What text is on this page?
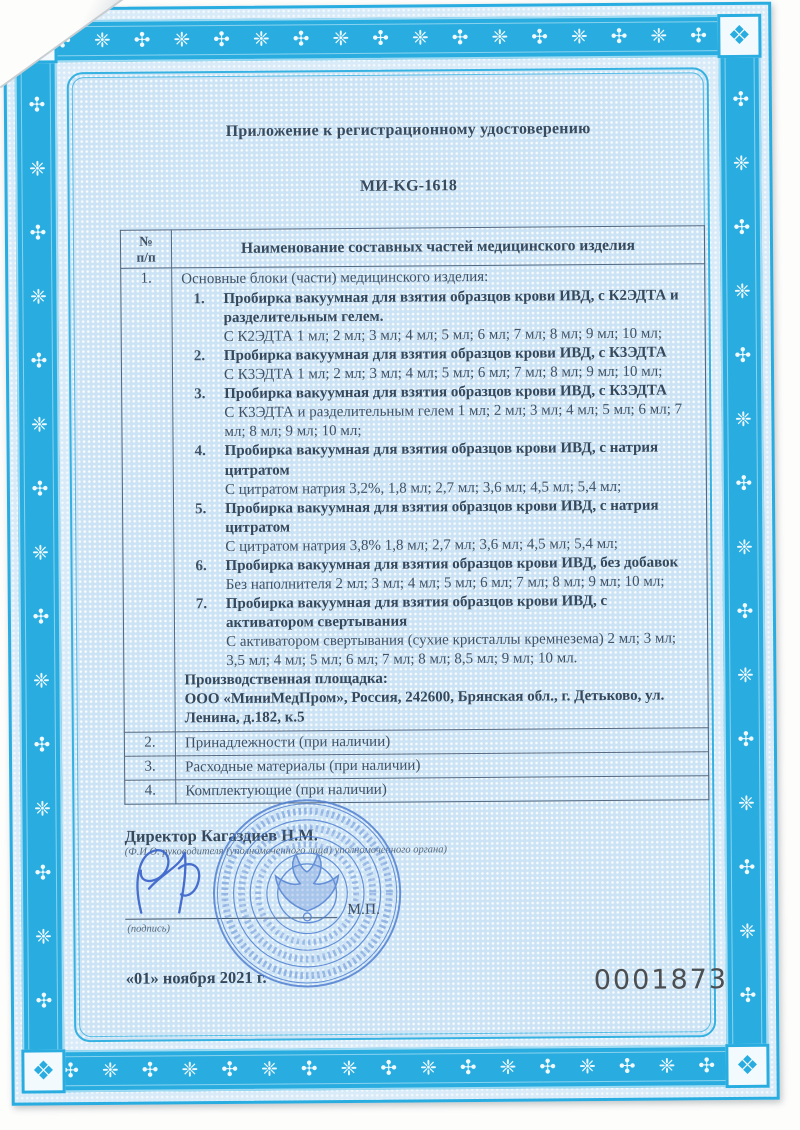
❈ ✣ ❈ ✣ ❈ ✣ ❈ ✣ ❈ ✣ ❈ ✣ ❈ ✣ ❈ ✣ ❈ ✣ ❈ ✣ ❈ ✣ ❈ ✣ ❈ ✣ ❈ ✣ ❈ ✣ ❈ ✣ ❈ ✣ ❈ ✣ ❈ ✣ ❈ ✣ ❈
❈ ✣ ❈ ✣ ❈ ✣ ❈ ✣ ❈ ✣ ❈ ✣ ❈ ✣ ❈ ✣ ❈ ✣ ❈ ✣ ❈ ✣ ❈ ✣ ❈ ✣ ❈ ✣ ❈ ✣ ❈ ✣ ❈ ✣ ❈ ✣ ❈ ✣ ❈ ✣ ❈
❈ ✣ ❈ ✣ ❈ ✣ ❈ ✣ ❈ ✣ ❈ ✣ ❈ ✣ ❈ ✣ ❈ ✣ ❈ ✣ ❈ ✣ ❈ ✣ ❈ ✣ ❈ ✣ ❈
❈ ✣ ❈ ✣ ❈ ✣ ❈ ✣ ❈ ✣ ❈ ✣ ❈ ✣ ❈ ✣ ❈ ✣ ❈ ✣ ❈ ✣ ❈ ✣ ❈ ✣ ❈ ✣ ❈
❖
❖	❖
Приложение к регистрационному удостоверению
МИ-KG-1618
№
п/п	Наименование составных частей медицинского изделия
1.	Основные блоки (части) медицинского изделия:
1.	Пробирка вакуумная для взятия образцов крови ИВД, с К2ЭДТА и разделительным гелем.
С К2ЭДТА 1 мл; 2 мл; 3 мл; 4 мл; 5 мл; 6 мл; 7 мл; 8 мл; 9 мл; 10 мл;
2.	Пробирка вакуумная для взятия образцов крови ИВД, с К3ЭДТА
С К3ЭДТА 1 мл; 2 мл; 3 мл; 4 мл; 5 мл; 6 мл; 7 мл; 8 мл; 9 мл; 10 мл;
3.	Пробирка вакуумная для взятия образцов крови ИВД, с К3ЭДТА
С К3ЭДТА и разделительным гелем 1 мл; 2 мл; 3 мл; 4 мл; 5 мл; 6 мл; 7 мл; 8 мл; 9 мл; 10 мл;
4.	Пробирка вакуумная для взятия образцов крови ИВД, с натрия цитратом
С цитратом натрия 3,2%, 1,8 мл; 2,7 мл; 3,6 мл; 4,5 мл; 5,4 мл;
5.	Пробирка вакуумная для взятия образцов крови ИВД, с натрия цитратом
С цитратом натрия 3,8% 1,8 мл; 2,7 мл; 3,6 мл; 4,5 мл; 5,4 мл;
6.	Пробирка вакуумная для взятия образцов крови ИВД, без добавок
Без наполнителя 2 мл; 3 мл; 4 мл; 5 мл; 6 мл; 7 мл; 8 мл; 9 мл; 10 мл;
7.	Пробирка вакуумная для взятия образцов крови ИВД, с активатором свертывания
С активатором свертывания (сухие кристаллы кремнезема) 2 мл; 3 мл; 3,5 мл; 4 мл; 5 мл; 6 мл; 7 мл; 8 мл; 8,5 мл; 9 мл; 10 мл.
Производственная площадка:
ООО «МиниМедПром», Россия, 242600, Брянская обл., г. Детьково, ул. Ленина, д.182, к.5

2.	Принадлежности (при наличии)
3.	Расходные материалы (при наличии)
4.	Комплектующие (при наличии)
Директор Кагаздиев Н.М.
(Ф.И.О. руководителя (уполномоченного лица) уполномоченного органа)
М.П.
(подпись)
«01» ноября 2021 г.	0001873
